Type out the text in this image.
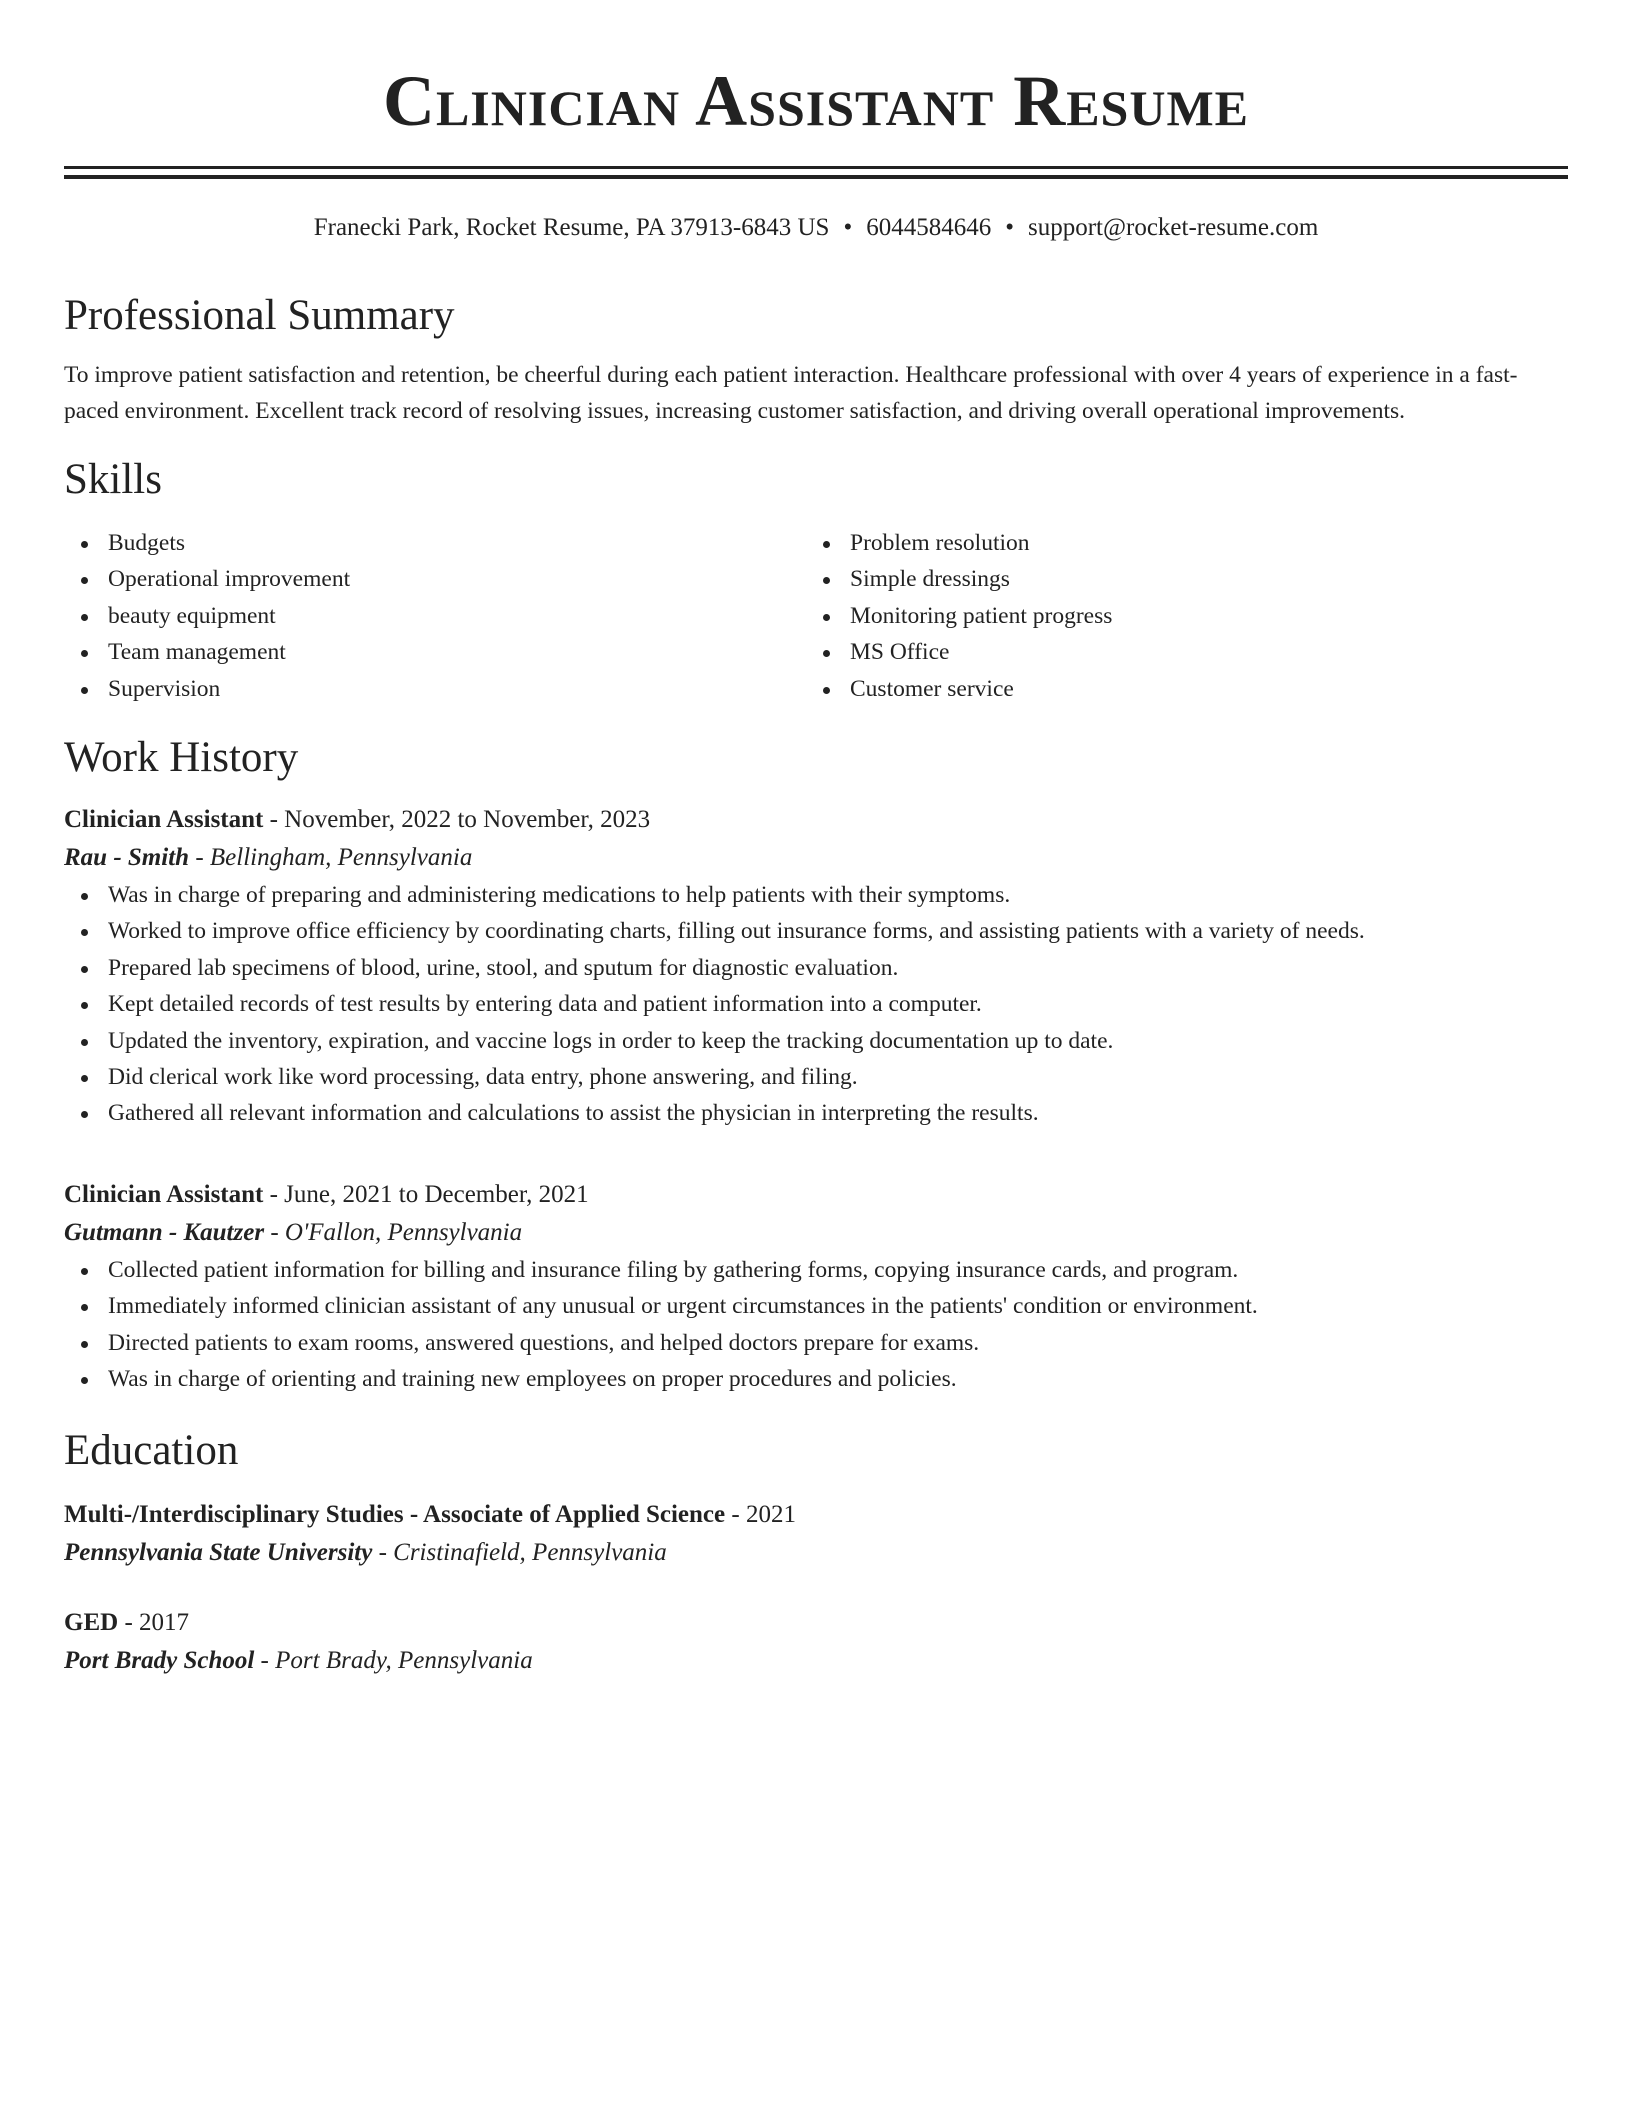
Clinician Assistant Resume
Franecki Park, Rocket Resume, PA 37913-6843 US • 6044584646 • support@rocket-resume.com
Professional Summary
To improve patient satisfaction and retention, be cheerful during each patient interaction. Healthcare professional with over 4 years of experience in a fast-paced environment. Excellent track record of resolving issues, increasing customer satisfaction, and driving overall operational improvements.
Skills
Budgets
Operational improvement
beauty equipment
Team management
Supervision
Problem resolution
Simple dressings
Monitoring patient progress
MS Office
Customer service
Work History
Clinician Assistant - November, 2022 to November, 2023
Rau - Smith - Bellingham, Pennsylvania
Was in charge of preparing and administering medications to help patients with their symptoms.
Worked to improve office efficiency by coordinating charts, filling out insurance forms, and assisting patients with a variety of needs.
Prepared lab specimens of blood, urine, stool, and sputum for diagnostic evaluation.
Kept detailed records of test results by entering data and patient information into a computer.
Updated the inventory, expiration, and vaccine logs in order to keep the tracking documentation up to date.
Did clerical work like word processing, data entry, phone answering, and filing.
Gathered all relevant information and calculations to assist the physician in interpreting the results.
Clinician Assistant - June, 2021 to December, 2021
Gutmann - Kautzer - O'Fallon, Pennsylvania
Collected patient information for billing and insurance filing by gathering forms, copying insurance cards, and program.
Immediately informed clinician assistant of any unusual or urgent circumstances in the patients' condition or environment.
Directed patients to exam rooms, answered questions, and helped doctors prepare for exams.
Was in charge of orienting and training new employees on proper procedures and policies.
Education
Multi-/Interdisciplinary Studies - Associate of Applied Science - 2021
Pennsylvania State University - Cristinafield, Pennsylvania
GED - 2017
Port Brady School - Port Brady, Pennsylvania
